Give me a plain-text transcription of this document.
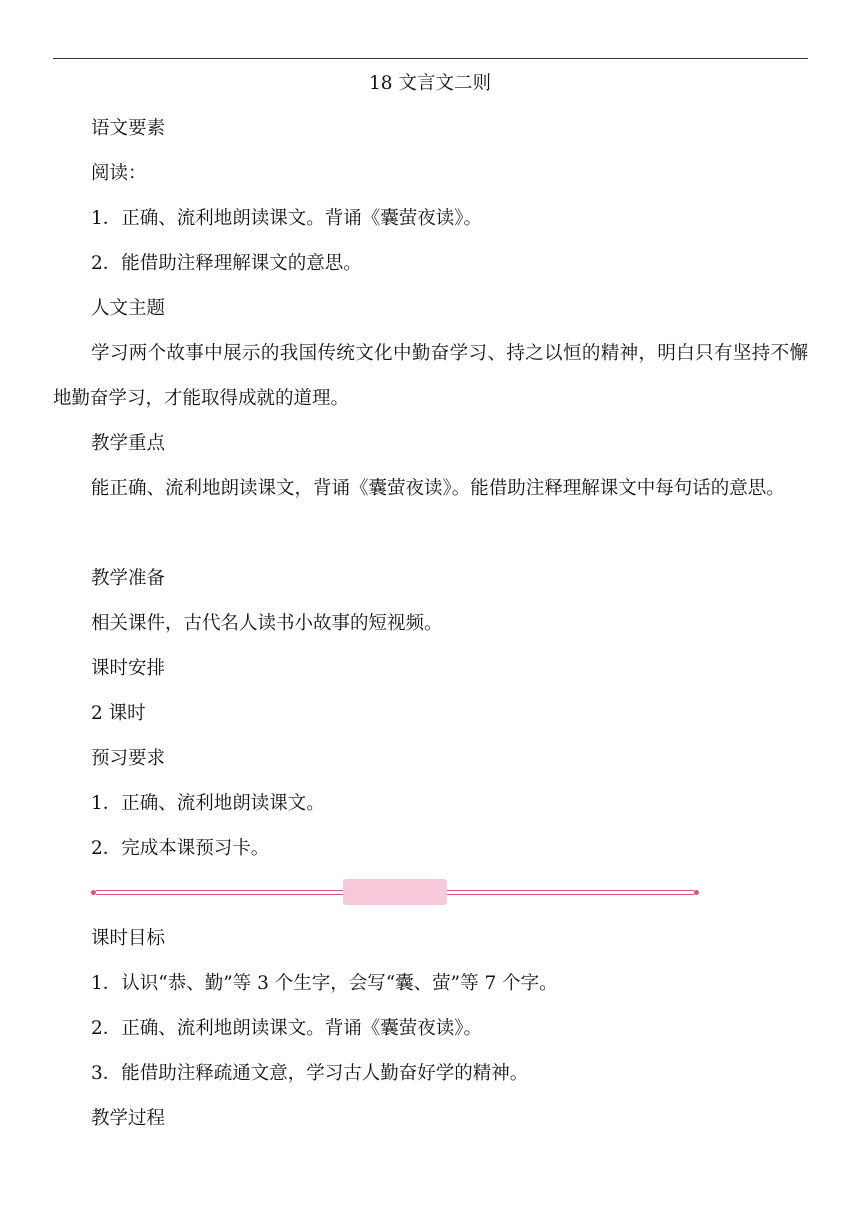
18 文言文二则
语文要素
阅读：
1．正确、流利地朗读课文。背诵《囊萤夜读》。
2．能借助注释理解课文的意思。
人文主题
学习两个故事中展示的我国传统文化中勤奋学习、持之以恒的精神，明白只有坚持不懈地勤奋学习，才能取得成就的道理。
教学重点
能正确、流利地朗读课文，背诵《囊萤夜读》。能借助注释理解课文中每句话的意思。
教学准备
相关课件，古代名人读书小故事的短视频。
课时安排
2 课时
预习要求
1．正确、流利地朗读课文。
2．完成本课预习卡。
课时目标
1．认识“恭、勤”等 3 个生字，会写“囊、萤”等 7 个字。
2．正确、流利地朗读课文。背诵《囊萤夜读》。
3．能借助注释疏通文意，学习古人勤奋好学的精神。
教学过程
